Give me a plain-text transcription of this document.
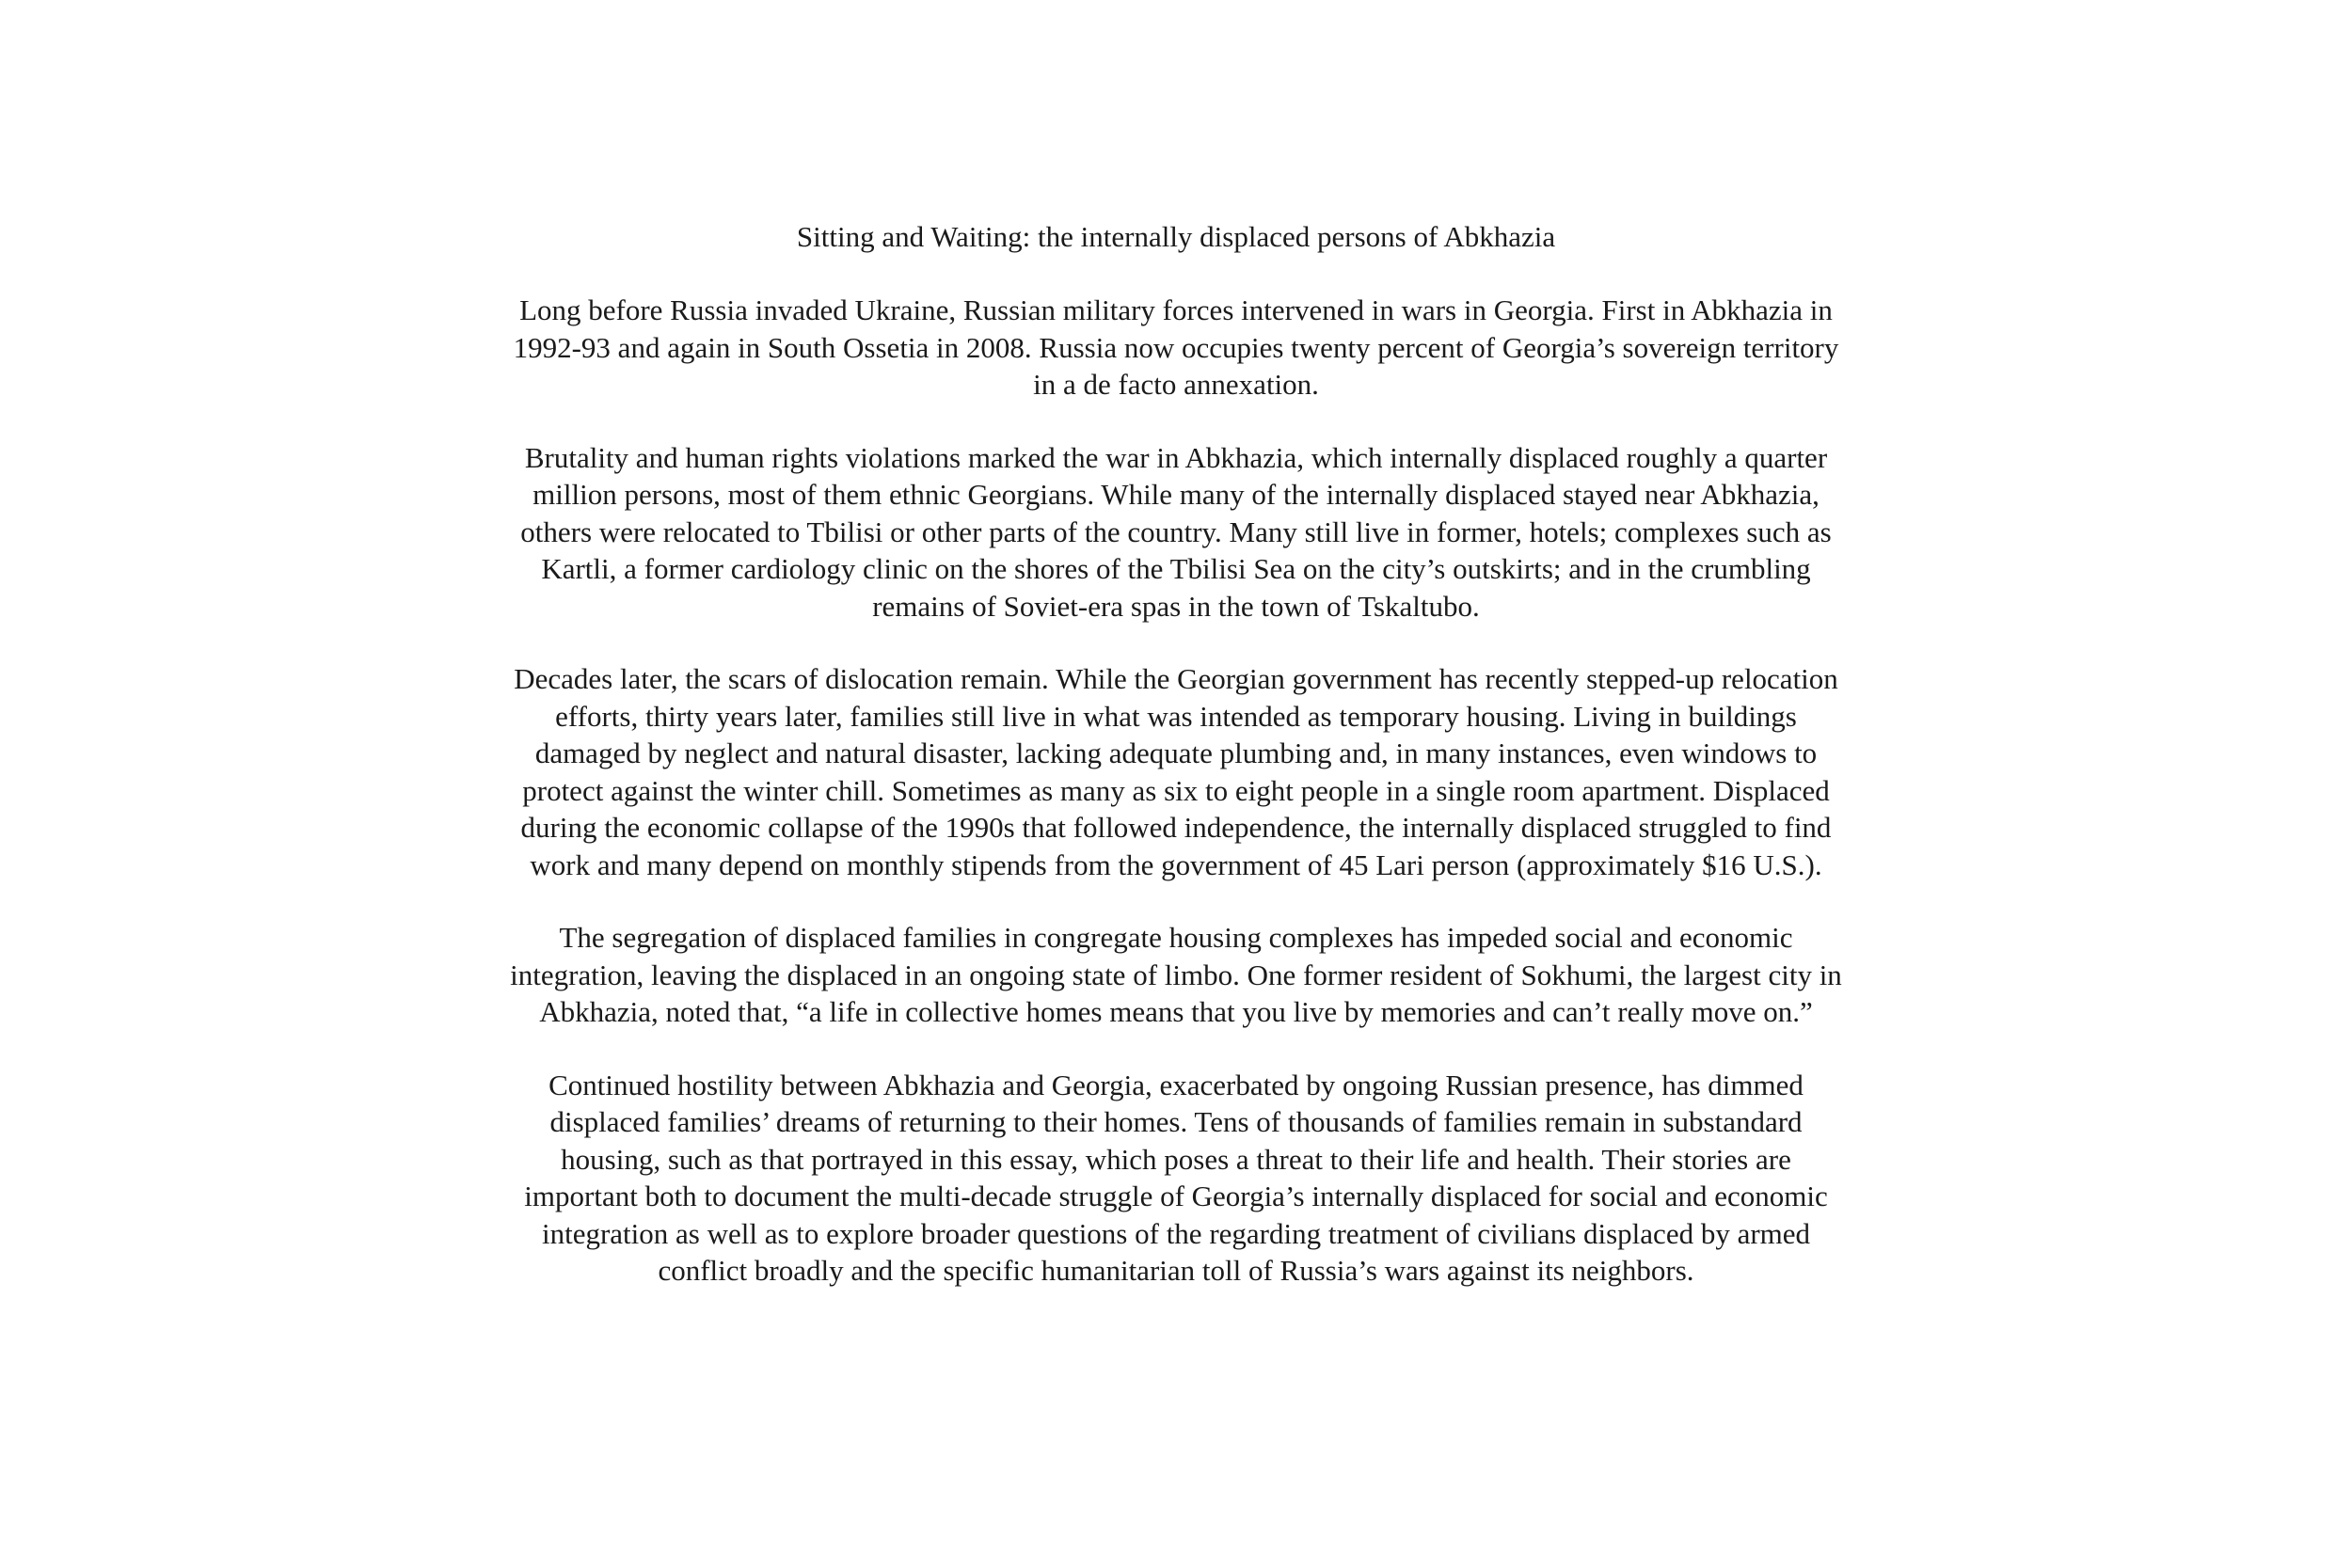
Sitting and Waiting: the internally displaced persons of Abkhazia

Long before Russia invaded Ukraine, Russian military forces intervened in wars in Georgia. First in Abkhazia in
1992-93 and again in South Ossetia in 2008. Russia now occupies twenty percent of Georgia’s sovereign territory
in a de facto annexation.

Brutality and human rights violations marked the war in Abkhazia, which internally displaced roughly a quarter
million persons, most of them ethnic Georgians. While many of the internally displaced stayed near Abkhazia,
others were relocated to Tbilisi or other parts of the country. Many still live in former, hotels; complexes such as
Kartli, a former cardiology clinic on the shores of the Tbilisi Sea on the city’s outskirts; and in the crumbling
remains of Soviet-era spas in the town of Tskaltubo.

Decades later, the scars of dislocation remain. While the Georgian government has recently stepped-up relocation
efforts, thirty years later, families still live in what was intended as temporary housing. Living in buildings
damaged by neglect and natural disaster, lacking adequate plumbing and, in many instances, even windows to
protect against the winter chill. Sometimes as many as six to eight people in a single room apartment. Displaced
during the economic collapse of the 1990s that followed independence, the internally displaced struggled to find
work and many depend on monthly stipends from the government of 45 Lari person (approximately $16 U.S.).

The segregation of displaced families in congregate housing complexes has impeded social and economic
integration, leaving the displaced in an ongoing state of limbo. One former resident of Sokhumi, the largest city in
Abkhazia, noted that, “a life in collective homes means that you live by memories and can’t really move on.”

Continued hostility between Abkhazia and Georgia, exacerbated by ongoing Russian presence, has dimmed
displaced families’ dreams of returning to their homes. Tens of thousands of families remain in substandard
housing, such as that portrayed in this essay, which poses a threat to their life and health. Their stories are
important both to document the multi-decade struggle of Georgia’s internally displaced for social and economic
integration as well as to explore broader questions of the regarding treatment of civilians displaced by armed
conflict broadly and the specific humanitarian toll of Russia’s wars against its neighbors.
